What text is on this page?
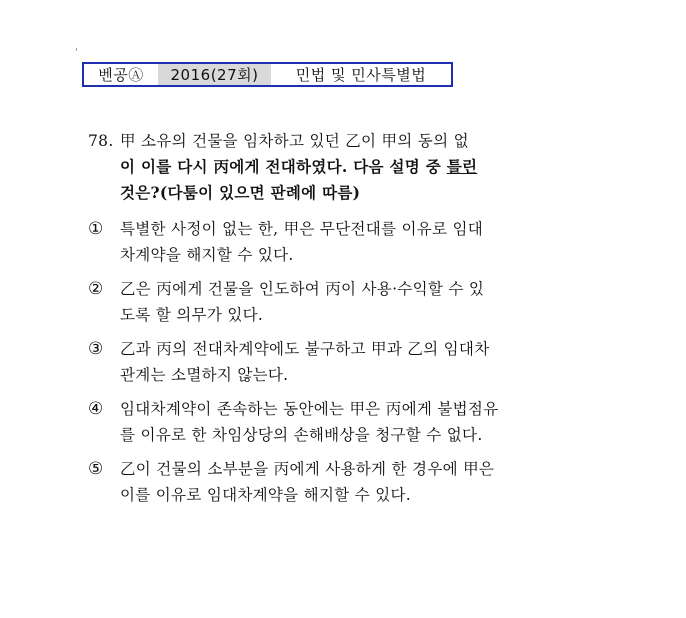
벤공Ⓐ	2016(27회)	민법 및 민사특별법
78. 甲 소유의 건물을 임차하고 있던 乙이 甲의 동의 없
이 이를 다시 丙에게 전대하였다. 다음 설명 중 틀린
것은?(다툼이 있으면 판례에 따름)
①	특별한 사정이 없는 한, 甲은 무단전대를 이유로 임대
차계약을 해지할 수 있다.
②	乙은 丙에게 건물을 인도하여 丙이 사용·수익할 수 있
도록 할 의무가 있다.
③	乙과 丙의 전대차계약에도 불구하고 甲과 乙의 임대차
관계는 소멸하지 않는다.
④	임대차계약이 존속하는 동안에는 甲은 丙에게 불법점유
를 이유로 한 차임상당의 손해배상을 청구할 수 없다.
⑤	乙이 건물의 소부분을 丙에게 사용하게 한 경우에 甲은
이를 이유로 임대차계약을 해지할 수 있다.
